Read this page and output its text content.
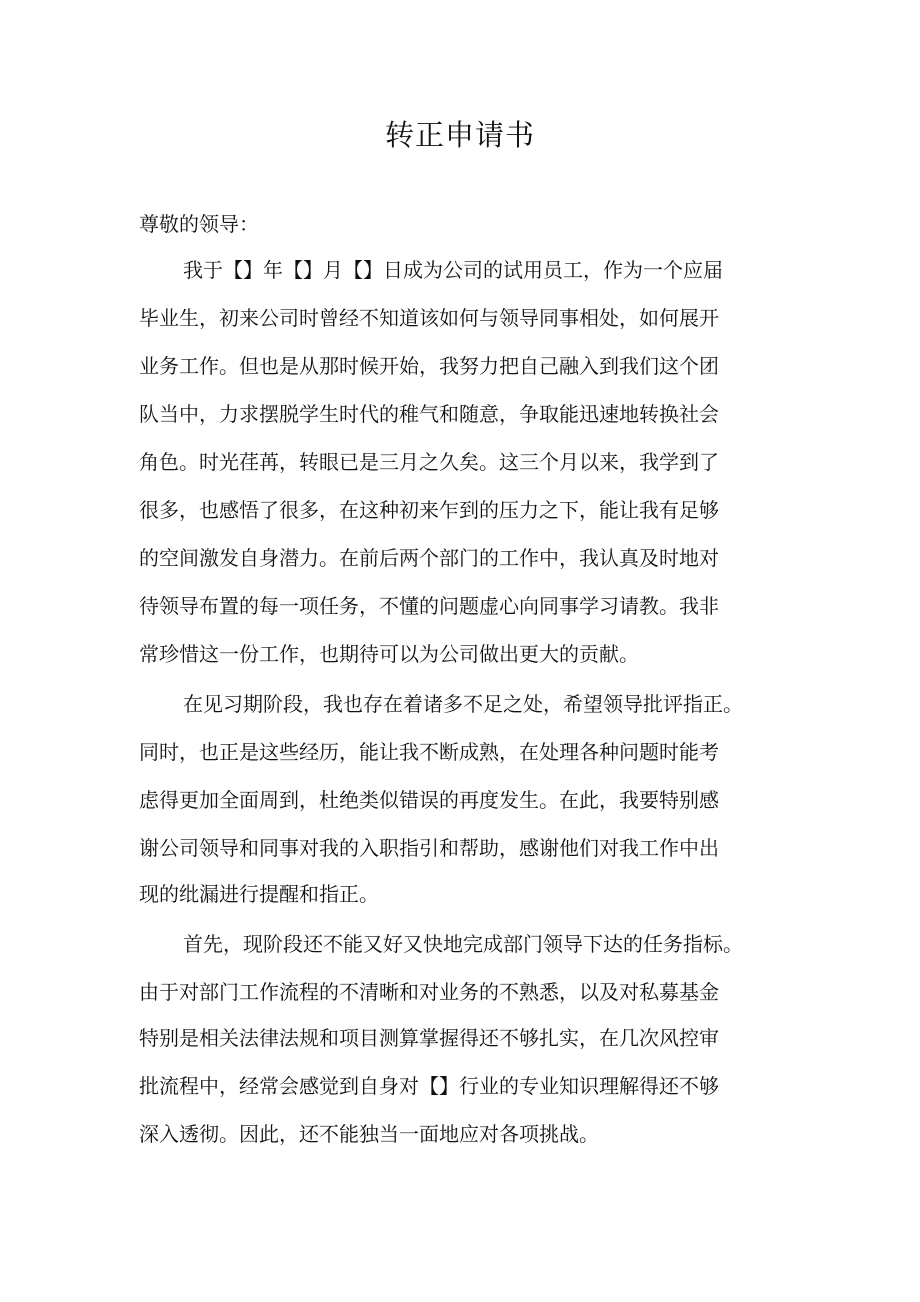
转正申请书

尊敬的领导：

我于【】年【】月【】日成为公司的试用员工，作为一个应届

毕业生，初来公司时曾经不知道该如何与领导同事相处，如何展开

业务工作。但也是从那时候开始，我努力把自己融入到我们这个团

队当中，力求摆脱学生时代的稚气和随意，争取能迅速地转换社会

角色。时光荏苒，转眼已是三月之久矣。这三个月以来，我学到了

很多，也感悟了很多，在这种初来乍到的压力之下，能让我有足够

的空间激发自身潜力。在前后两个部门的工作中，我认真及时地对

待领导布置的每一项任务，不懂的问题虚心向同事学习请教。我非

常珍惜这一份工作，也期待可以为公司做出更大的贡献。

在见习期阶段，我也存在着诸多不足之处，希望领导批评指正。

同时，也正是这些经历，能让我不断成熟，在处理各种问题时能考

虑得更加全面周到，杜绝类似错误的再度发生。在此，我要特别感

谢公司领导和同事对我的入职指引和帮助，感谢他们对我工作中出

现的纰漏进行提醒和指正。

首先，现阶段还不能又好又快地完成部门领导下达的任务指标。

由于对部门工作流程的不清晰和对业务的不熟悉，以及对私募基金

特别是相关法律法规和项目测算掌握得还不够扎实，在几次风控审

批流程中，经常会感觉到自身对【】行业的专业知识理解得还不够

深入透彻。因此，还不能独当一面地应对各项挑战。
